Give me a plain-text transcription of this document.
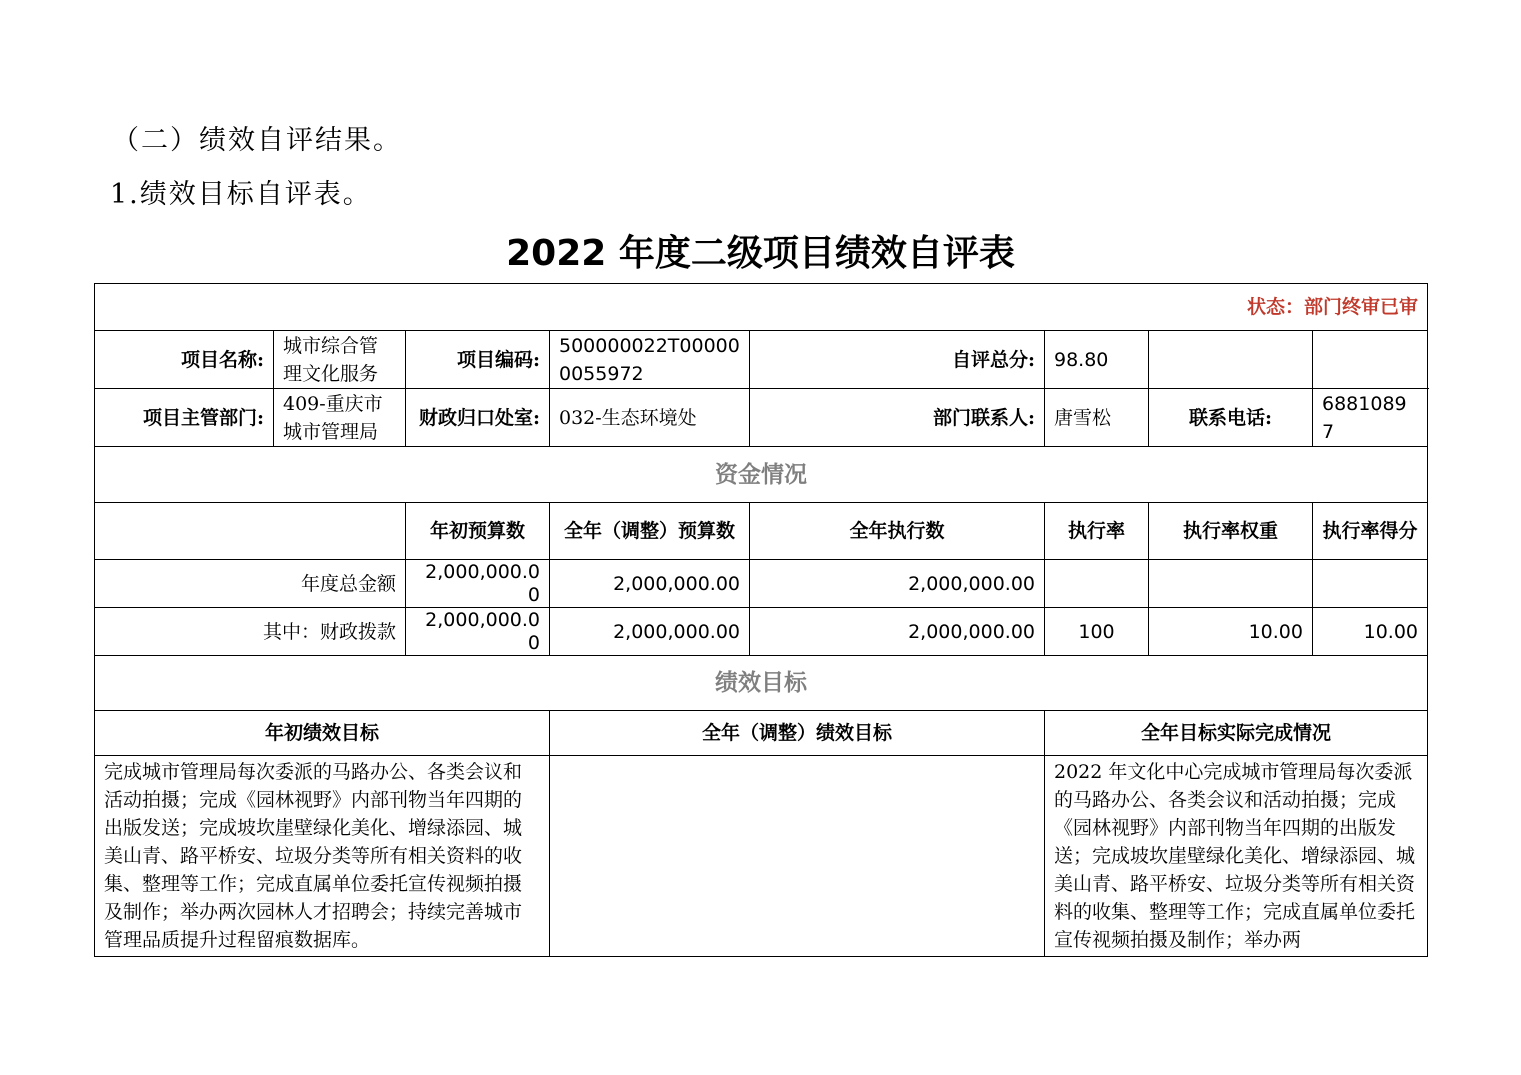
（二）绩效自评结果。
1.绩效目标自评表。
2022 年度二级项目绩效自评表
状态：部门终审已审							
项目名称:	城市综合管理文化服务	项目编码:	500000022T000000055972	自评总分:	98.80		
项目主管部门:	409-重庆市城市管理局	财政归口处室:	032-生态环境处	部门联系人:	唐雪松	联系电话:	68810897
资金情况							
		年初预算数	全年（调整）预算数	全年执行数	执行率	执行率权重	执行率得分
年度总金额		2,000,000.00	2,000,000.00	2,000,000.00			
其中：财政拨款		2,000,000.00	2,000,000.00	2,000,000.00	100	10.00	10.00
绩效目标							
年初绩效目标			全年（调整）绩效目标		全年目标实际完成情况		
完成城市管理局每次委派的马路办公、各类会议和活动拍摄；完成《园林视野》内部刊物当年四期的出版发送；完成坡坎崖壁绿化美化、增绿添园、城美山青、路平桥安、垃圾分类等所有相关资料的收集、整理等工作；完成直属单位委托宣传视频拍摄及制作；举办两次园林人才招聘会；持续完善城市管理品质提升过程留痕数据库。					2022 年文化中心完成城市管理局每次委派的马路办公、各类会议和活动拍摄；完成《园林视野》内部刊物当年四期的出版发送；完成坡坎崖壁绿化美化、增绿添园、城美山青、路平桥安、垃圾分类等所有相关资料的收集、整理等工作；完成直属单位委托宣传视频拍摄及制作；举办两		
